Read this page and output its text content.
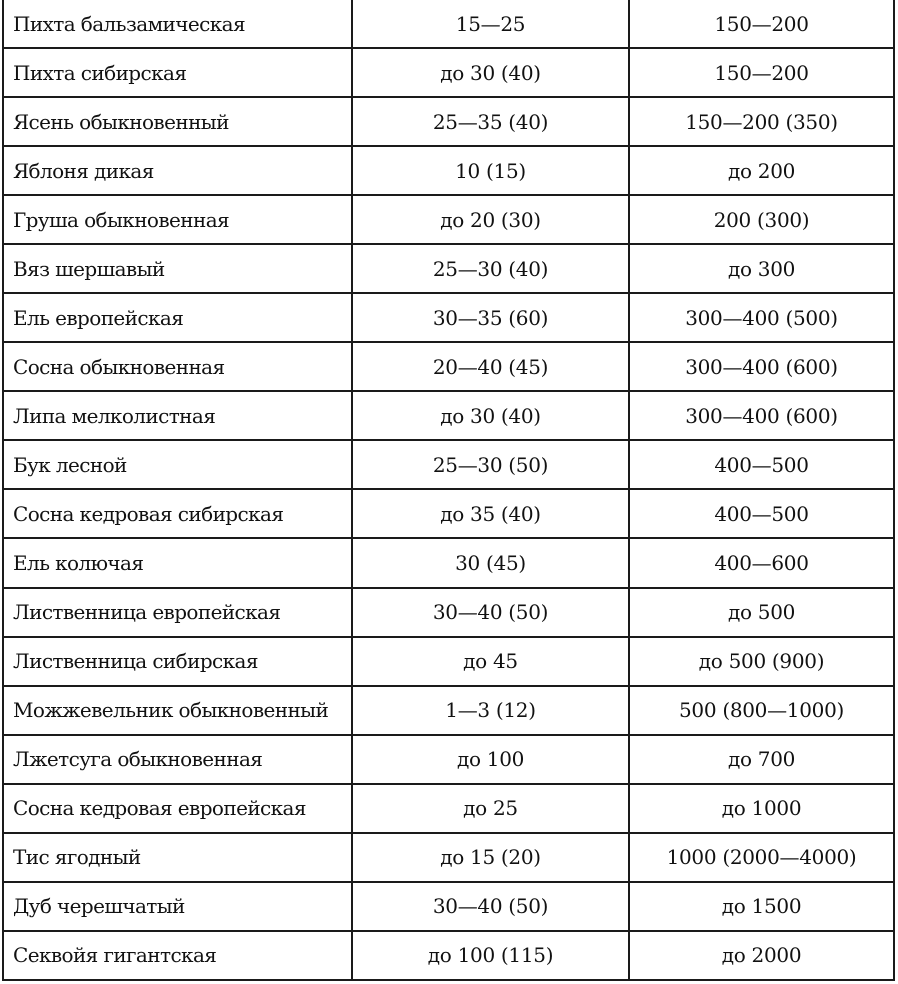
Пихта бальзамическая	15—25	150—200
Пихта сибирская	до 30 (40)	150—200
Ясень обыкновенный	25—35 (40)	150—200 (350)
Яблоня дикая	10 (15)	до 200
Груша обыкновенная	до 20 (30)	200 (300)
Вяз шершавый	25—30 (40)	до 300
Ель европейская	30—35 (60)	300—400 (500)
Сосна обыкновенная	20—40 (45)	300—400 (600)
Липа мелколистная	до 30 (40)	300—400 (600)
Бук лесной	25—30 (50)	400—500
Сосна кедровая сибирская	до 35 (40)	400—500
Ель колючая	30 (45)	400—600
Лиственница европейская	30—40 (50)	до 500
Лиственница сибирская	до 45	до 500 (900)
Можжевельник обыкновенный	1—3 (12)	500 (800—1000)
Лжетсуга обыкновенная	до 100	до 700
Сосна кедровая европейская	до 25	до 1000
Тис ягодный	до 15 (20)	1000 (2000—4000)
Дуб черешчатый	30—40 (50)	до 1500
Секвойя гигантская	до 100 (115)	до 2000
